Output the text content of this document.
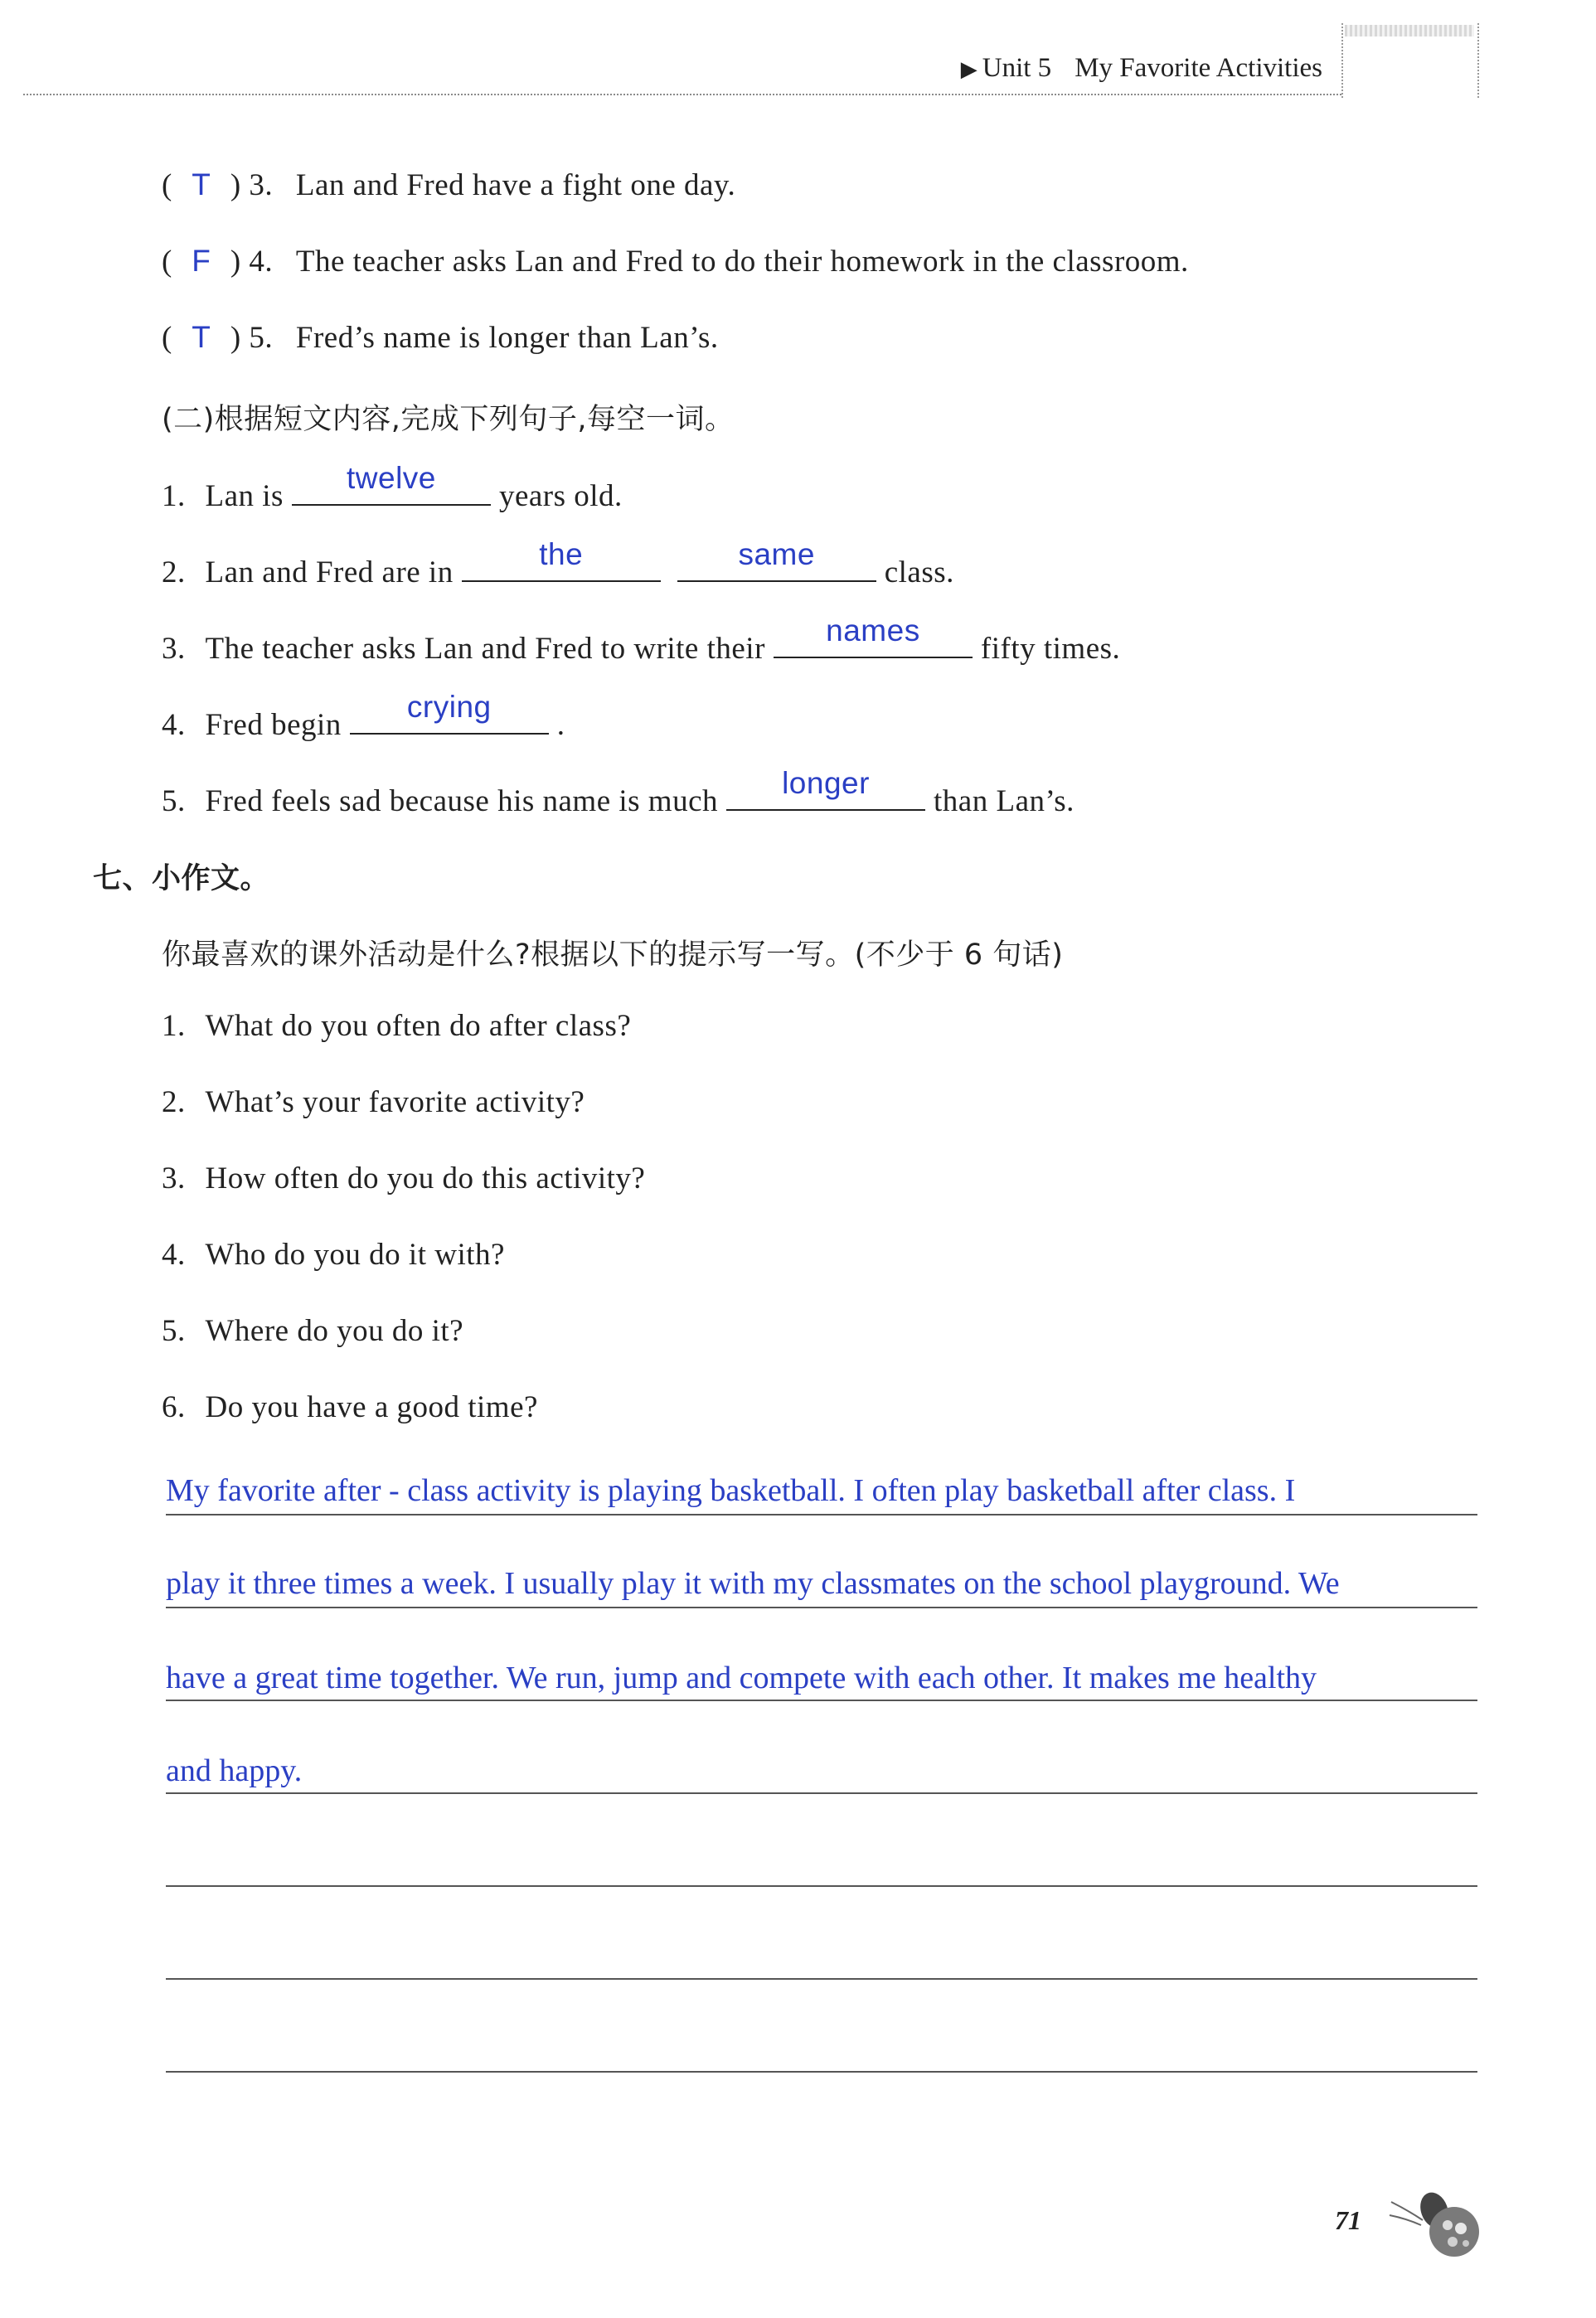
▶ Unit 5 My Favorite Activities
( T ) 3. Lan and Fred have a fight one day.
( F ) 4. The teacher asks Lan and Fred to do their homework in the classroom.
( T ) 5. Fred’s name is longer than Lan’s.
(二)根据短文内容,完成下列句子,每空一词。
1. Lan is
twelve
years old.
2. Lan and Fred are in
the	same
class.
3. The teacher asks Lan and Fred to write their
names
fifty times.
4. Fred begin
crying
.
5. Fred feels sad because his name is much
longer
than Lan’s.
七、小作文。
你最喜欢的课外活动是什么?根据以下的提示写一写。(不少于 6 句话)
1. What do you often do after class?
2. What’s your favorite activity?
3. How often do you do this activity?
4. Who do you do it with?
5. Where do you do it?
6. Do you have a good time?
My favorite after - class activity is playing basketball. I often play basketball after class. I
play it three times a week. I usually play it with my classmates on the school playground. We
have a great time together. We run, jump and compete with each other. It makes me healthy
and happy.
71
